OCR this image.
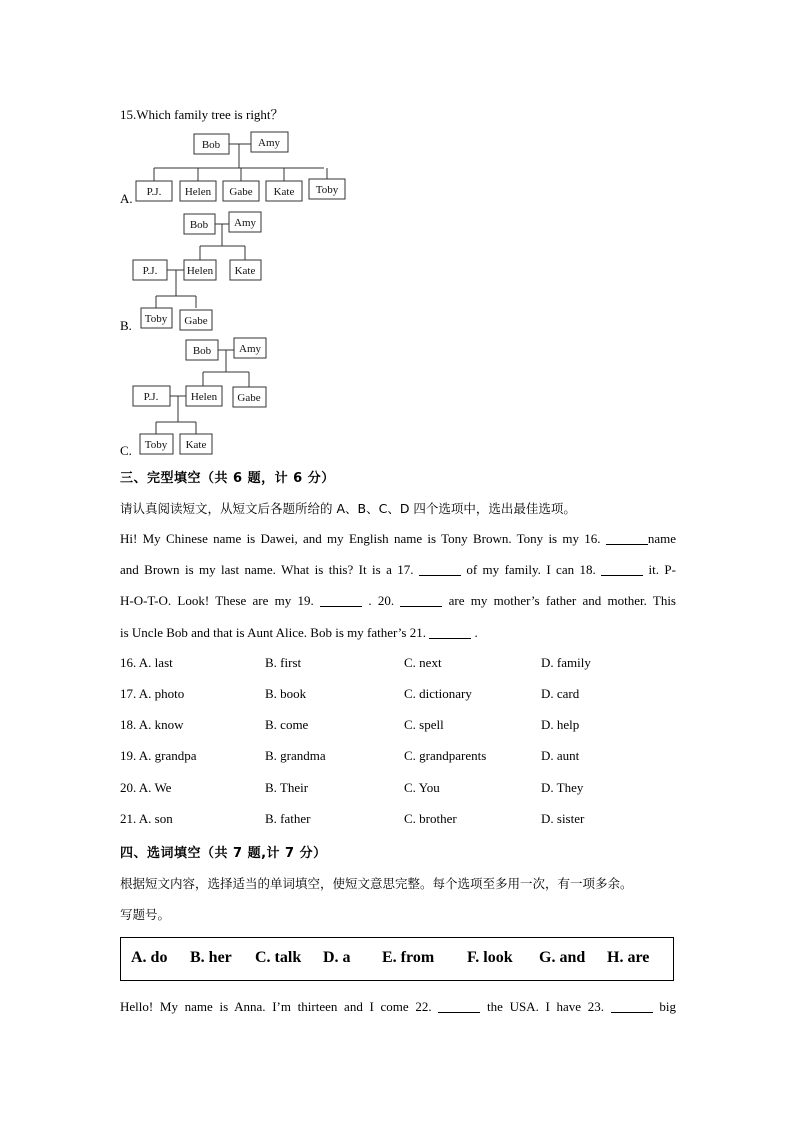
15.Which family tree is right？
A.
Bob	Amy
P.J. Helen Gabe Kate Toby
B.
Bob Amy
P.J.	Helen Kate
Toby Gabe
C.
Bob	Amy
P.J.	Helen Gabe
Toby Kate
三、完型填空（共 6 题，计 6 分）
请认真阅读短文，从短文后各题所给的 A、B、C、D 四个选项中，选出最佳选项。
Hi! My Chinese name is Dawei, and my English name is Tony Brown. Tony is my 16.	name
and Brown is my last name. What is this? It is a 17.	of my family. I can 18.	it. P-
H-O-T-O. Look! These are my 19.	. 20.	are my mother’s father and mother. This
is Uncle Bob and that is Aunt Alice. Bob is my father’s 21.	.
16. A. last	B. first	C. next	D. family
17. A. photo	B. book	C. dictionary	D. card
18. A. know	B. come	C. spell	D. help
19. A. grandpa	B. grandma	C. grandparents	D. aunt
20. A. We	B. Their	C. You	D. They
21. A. son	B. father	C. brother	D. sister
四、选词填空（共 7 题,计 7 分）
根据短文内容，选择适当的单词填空，使短文意思完整。每个选项至多用一次，有一项多余。
写题号。
A. do B. her C. talk D. a E. from F. look G. and H. are
Hello! My name is Anna. I’m thirteen and I come 22.	the USA. I have 23.	big
